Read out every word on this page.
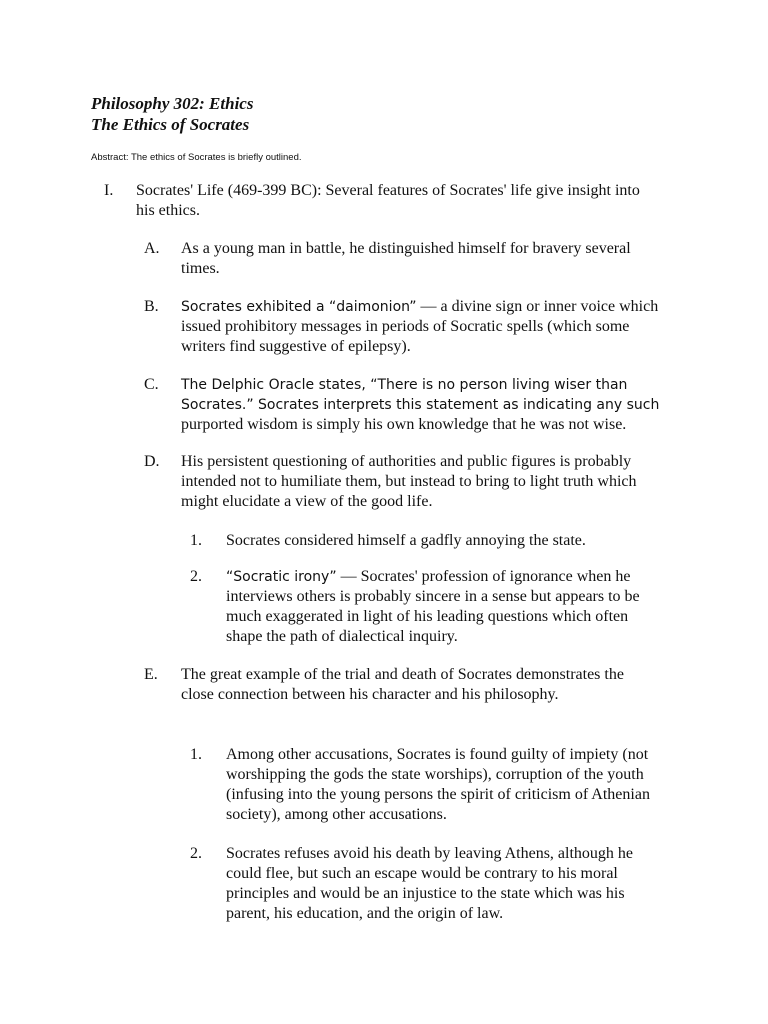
Philosophy 302: Ethics
The Ethics of Socrates
Abstract: The ethics of Socrates is briefly outlined.
I. Socrates' Life (469-399 BC): Several features of Socrates' life give insight into
his ethics.
A. As a young man in battle, he distinguished himself for bravery several
times.
B. Socrates exhibited a “daimonion” — a divine sign or inner voice which
issued prohibitory messages in periods of Socratic spells (which some
writers find suggestive of epilepsy).
C. The Delphic Oracle states, “There is no person living wiser than
Socrates.” Socrates interprets this statement as indicating any such
purported wisdom is simply his own knowledge that he was not wise.
D. His persistent questioning of authorities and public figures is probably
intended not to humiliate them, but instead to bring to light truth which
might elucidate a view of the good life.
1. Socrates considered himself a gadfly annoying the state.
2. “Socratic irony” — Socrates' profession of ignorance when he
interviews others is probably sincere in a sense but appears to be
much exaggerated in light of his leading questions which often
shape the path of dialectical inquiry.
E. The great example of the trial and death of Socrates demonstrates the
close connection between his character and his philosophy.
1. Among other accusations, Socrates is found guilty of impiety (not
worshipping the gods the state worships), corruption of the youth
(infusing into the young persons the spirit of criticism of Athenian
society), among other accusations.
2. Socrates refuses avoid his death by leaving Athens, although he
could flee, but such an escape would be contrary to his moral
principles and would be an injustice to the state which was his
parent, his education, and the origin of law.
